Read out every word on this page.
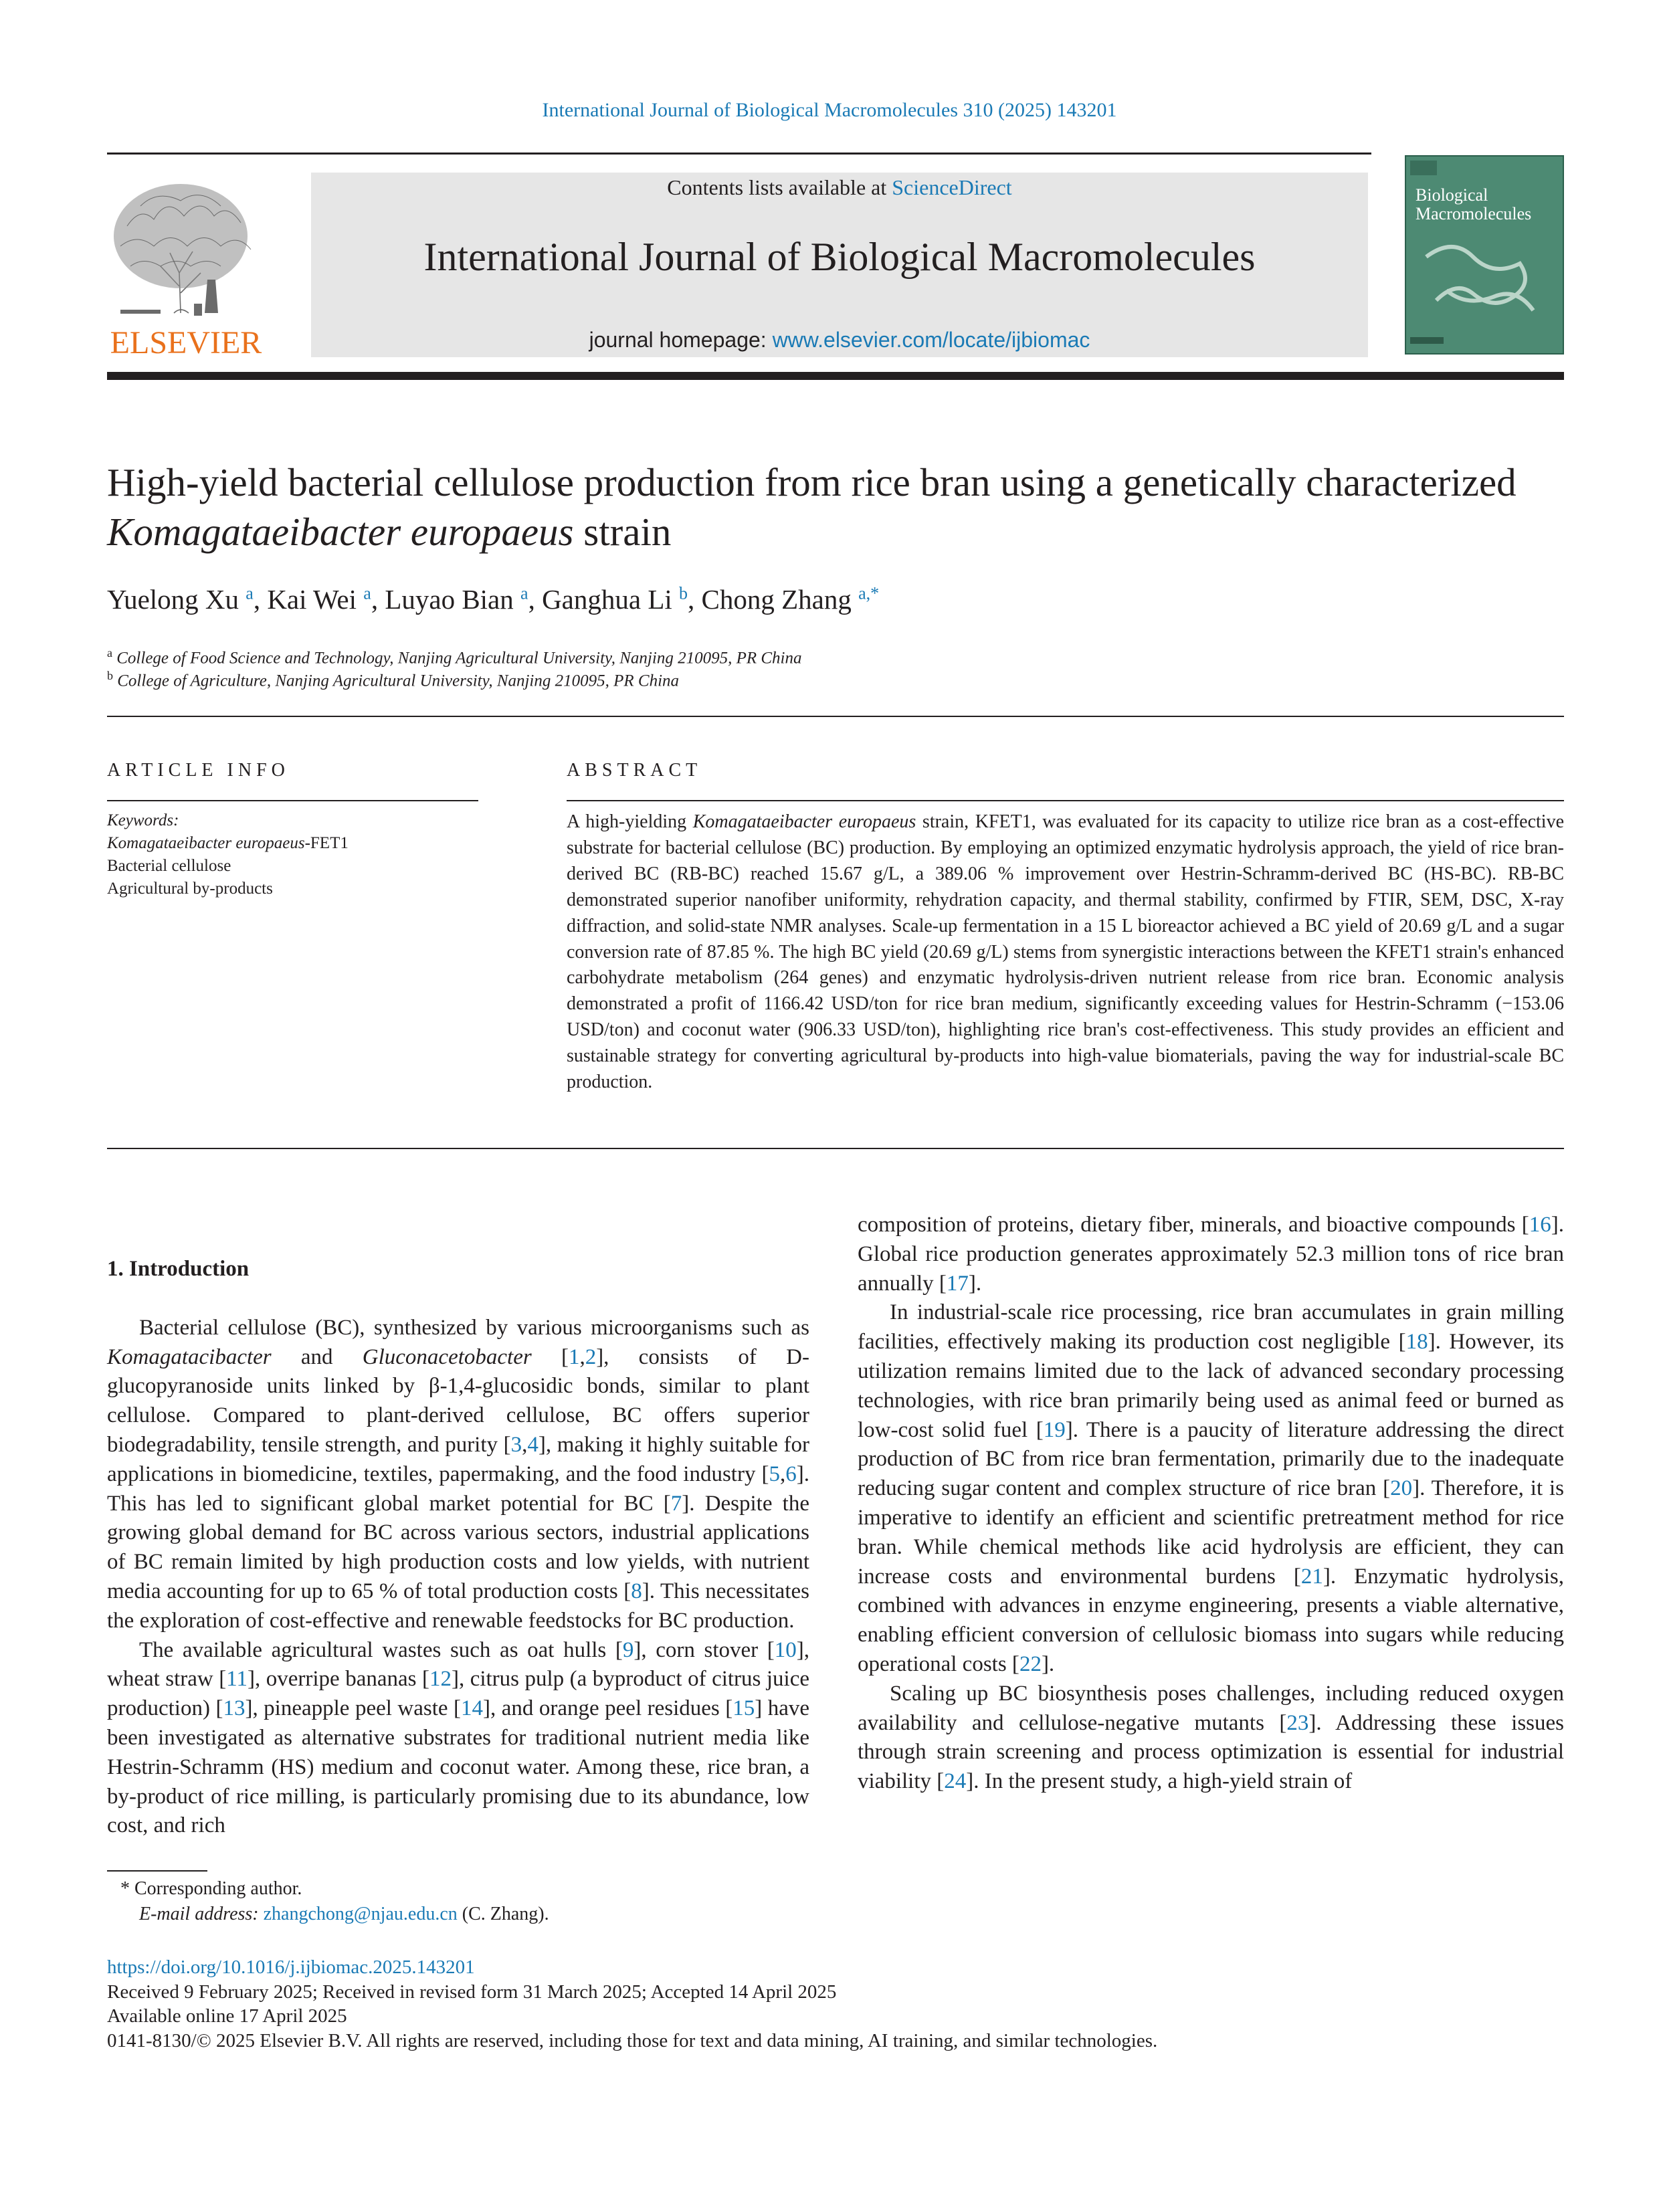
International Journal of Biological Macromolecules 310 (2025) 143201
ELSEVIER
Contents lists available at ScienceDirect
International Journal of Biological Macromolecules
journal homepage: www.elsevier.com/locate/ijbiomac
Biological
Macromolecules
High-yield bacterial cellulose production from rice bran using a genetically characterized Komagataeibacter europaeus strain
Yuelong Xu $^a$, Kai Wei $^a$, Luyao Bian $^a$, Ganghua Li $^b$, Chong Zhang $^{a,*}$
$^a$ College of Food Science and Technology, Nanjing Agricultural University, Nanjing 210095, PR China
$^b$ College of Agriculture, Nanjing Agricultural University, Nanjing 210095, PR China
ARTICLE INFO	ABSTRACT
Keywords:
Komagataeibacter europaeus-FET1
Bacterial cellulose
Agricultural by-products
A high-yielding Komagataeibacter europaeus strain, KFET1, was evaluated for its capacity to utilize rice bran as a cost-effective substrate for bacterial cellulose (BC) production. By employing an optimized enzymatic hydrolysis approach, the yield of rice bran-derived BC (RB-BC) reached 15.67 g/L, a 389.06 % improvement over Hestrin-Schramm-derived BC (HS-BC). RB-BC demonstrated superior nanofiber uniformity, rehydration capacity, and thermal stability, confirmed by FTIR, SEM, DSC, X-ray diffraction, and solid-state NMR analyses. Scale-up fermentation in a 15 L bioreactor achieved a BC yield of 20.69 g/L and a sugar conversion rate of 87.85 %. The high BC yield (20.69 g/L) stems from synergistic interactions between the KFET1 strain's enhanced carbohydrate metabolism (264 genes) and enzymatic hydrolysis-driven nutrient release from rice bran. Economic analysis demonstrated a profit of 1166.42 USD/ton for rice bran medium, significantly exceeding values for Hestrin-Schramm (−153.06 USD/ton) and coconut water (906.33 USD/ton), highlighting rice bran's cost-effectiveness. This study provides an efficient and sustainable strategy for converting agricultural by-products into high-value biomaterials, paving the way for industrial-scale BC production.

1. Introduction

Bacterial cellulose (BC), synthesized by various microorganisms such as Komagatacibacter and Gluconacetobacter [1,2], consists of D-glucopyranoside units linked by β-1,4-glucosidic bonds, similar to plant cellulose. Compared to plant-derived cellulose, BC offers superior biodegradability, tensile strength, and purity [3,4], making it highly suitable for applications in biomedicine, textiles, papermaking, and the food industry [5,6]. This has led to significant global market potential for BC [7]. Despite the growing global demand for BC across various sectors, industrial applications of BC remain limited by high production costs and low yields, with nutrient media accounting for up to 65 % of total production costs [8]. This necessitates the exploration of cost-effective and renewable feedstocks for BC production.

The available agricultural wastes such as oat hulls [9], corn stover [10], wheat straw [11], overripe bananas [12], citrus pulp (a byproduct of citrus juice production) [13], pineapple peel waste [14], and orange peel residues [15] have been investigated as alternative substrates for traditional nutrient media like Hestrin-Schramm (HS) medium and coconut water. Among these, rice bran, a by-product of rice milling, is particularly promising due to its abundance, low cost, and rich

composition of proteins, dietary fiber, minerals, and bioactive compounds [16]. Global rice production generates approximately 52.3 million tons of rice bran annually [17].

In industrial-scale rice processing, rice bran accumulates in grain milling facilities, effectively making its production cost negligible [18]. However, its utilization remains limited due to the lack of advanced secondary processing technologies, with rice bran primarily being used as animal feed or burned as low-cost solid fuel [19]. There is a paucity of literature addressing the direct production of BC from rice bran fermentation, primarily due to the inadequate reducing sugar content and complex structure of rice bran [20]. Therefore, it is imperative to identify an efficient and scientific pretreatment method for rice bran. While chemical methods like acid hydrolysis are efficient, they can increase costs and environmental burdens [21]. Enzymatic hydrolysis, combined with advances in enzyme engineering, presents a viable alternative, enabling efficient conversion of cellulosic biomass into sugars while reducing operational costs [22].

Scaling up BC biosynthesis poses challenges, including reduced oxygen availability and cellulose-negative mutants [23]. Addressing these issues through strain screening and process optimization is essential for industrial viability [24]. In the present study, a high-yield strain of

* Corresponding author.
E-mail address: zhangchong@njau.edu.cn (C. Zhang).
https://doi.org/10.1016/j.ijbiomac.2025.143201
Received 9 February 2025; Received in revised form 31 March 2025; Accepted 14 April 2025
Available online 17 April 2025
0141-8130/© 2025 Elsevier B.V. All rights are reserved, including those for text and data mining, AI training, and similar technologies.
